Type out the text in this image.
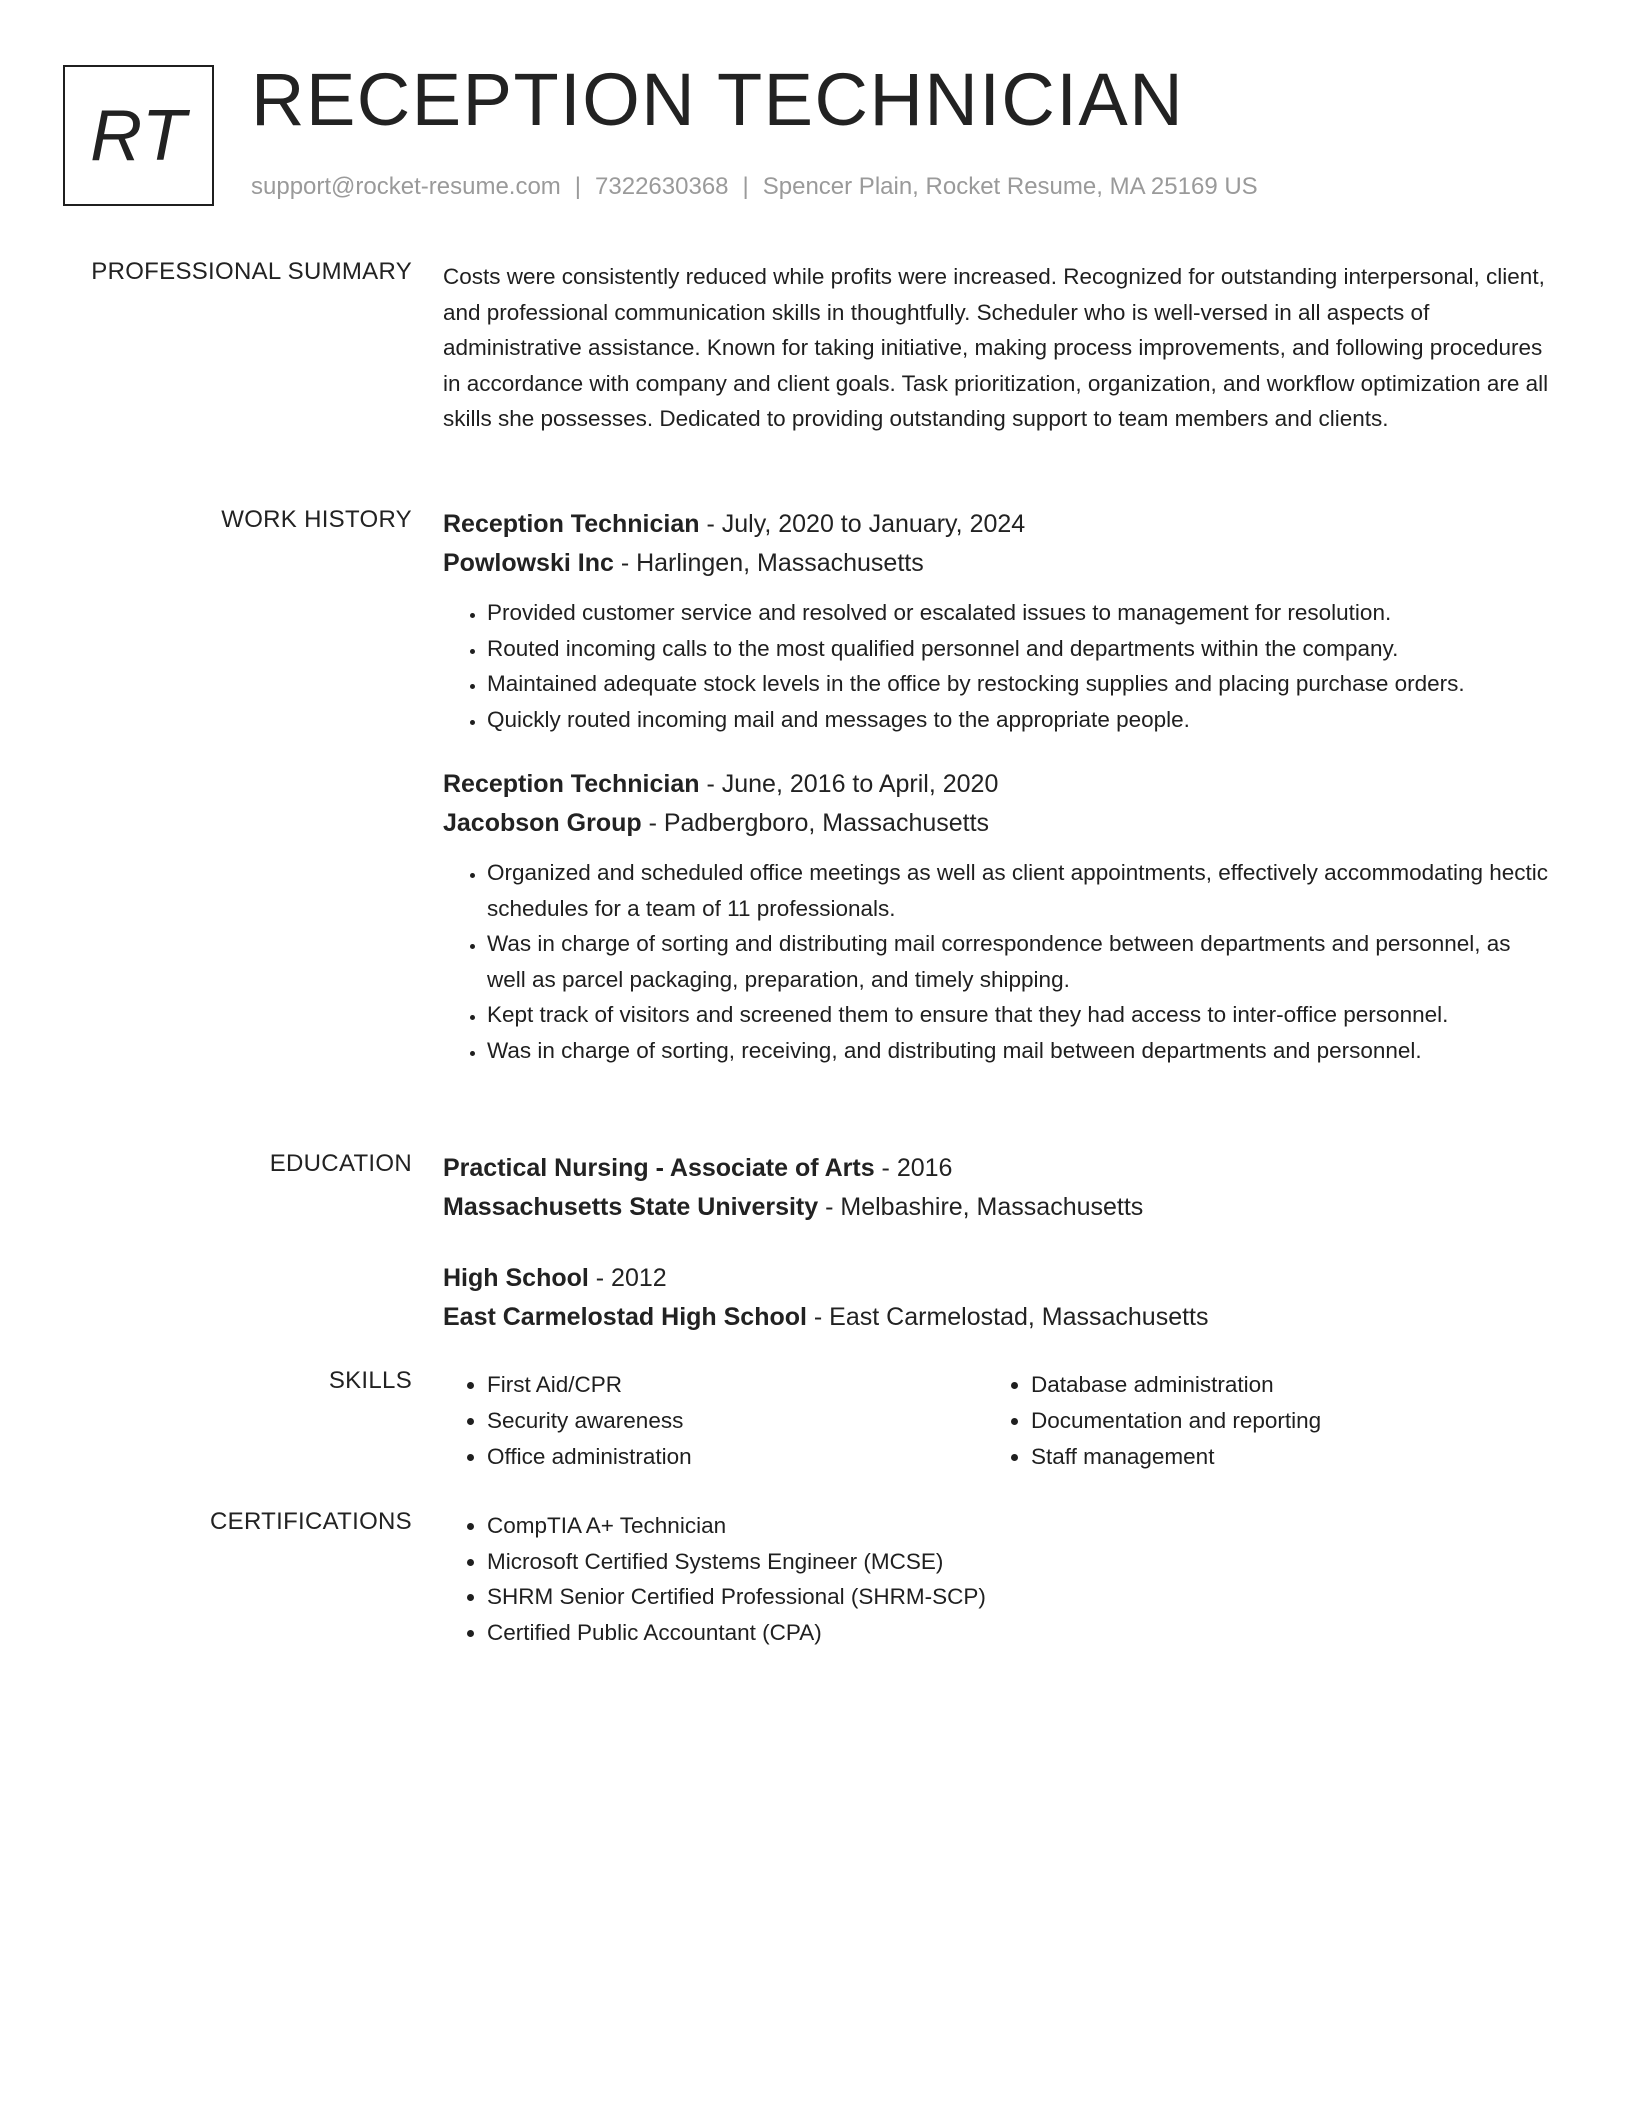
RT RECEPTION TECHNICIAN
support@rocket-resume.com | 7322630368 | Spencer Plain, Rocket Resume, MA 25169 US
PROFESSIONAL SUMMARY Costs were consistently reduced while profits were increased. Recognized for outstanding interpersonal, client, and professional communication skills in thoughtfully. Scheduler who is well-versed in all aspects of administrative assistance. Known for taking initiative, making process improvements, and following procedures in accordance with company and client goals. Task prioritization, organization, and workflow optimization are all skills she possesses. Dedicated to providing outstanding support to team members and clients.
WORK HISTORY Reception Technician - July, 2020 to January, 2024
Powlowski Inc - Harlingen, Massachusetts
• Provided customer service and resolved or escalated issues to management for resolution.
• Routed incoming calls to the most qualified personnel and departments within the company.
• Maintained adequate stock levels in the office by restocking supplies and placing purchase orders.
• Quickly routed incoming mail and messages to the appropriate people.
Reception Technician - June, 2016 to April, 2020
Jacobson Group - Padbergboro, Massachusetts
• Organized and scheduled office meetings as well as client appointments, effectively accommodating hectic schedules for a team of 11 professionals.
• Was in charge of sorting and distributing mail correspondence between departments and personnel, as well as parcel packaging, preparation, and timely shipping.
• Kept track of visitors and screened them to ensure that they had access to inter-office personnel.
• Was in charge of sorting, receiving, and distributing mail between departments and personnel.
EDUCATION Practical Nursing - Associate of Arts - 2016
Massachusetts State University - Melbashire, Massachusetts
High School - 2012
East Carmelostad High School - East Carmelostad, Massachusetts
SKILLS	• First Aid/CPR
• Security awareness
• Office administration
• Database administration
• Documentation and reporting
• Staff management
CERTIFICATIONS	• CompTIA A+ Technician
• Microsoft Certified Systems Engineer (MCSE)
• SHRM Senior Certified Professional (SHRM-SCP)
• Certified Public Accountant (CPA)
